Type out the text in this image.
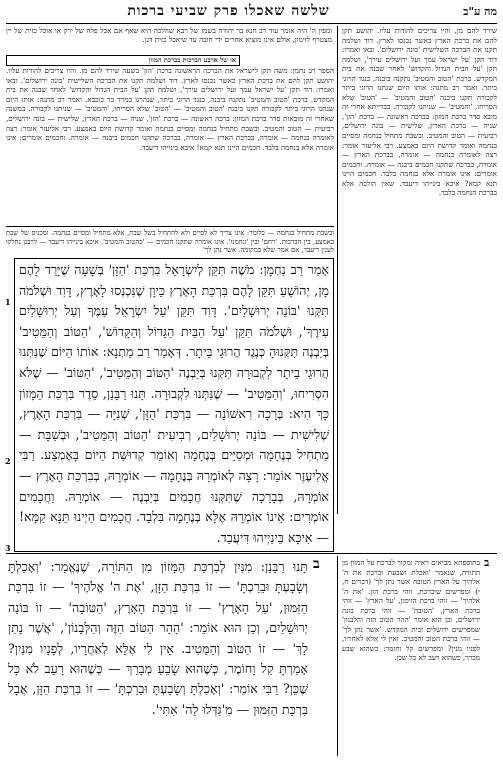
שלשה שאכלו פרק שביעי ברכות	מה ע"ב
ומפין ה' היה אומר עוד רב חנא בר יהודה בשמו של רבא שהלכה היא שאף אם אכל פלח של ירק או אוכל כזית של יין מצטרף לזימון, אולם אינו מוציא אחרים ידי חובה עד שיאכל כזית דגן.
או של ארבע הברכות בברכת המזון
הספר רב נחמן: משה תקן לישראל את הברכה הראשונה ברכת 'הזן' בשעה שירד להם מן. והיו צריכים להודות עליו. יהושע תקן להם את ברכת הארץ כאשר נכנסו לארץ. דוד ושלמה תקנו את הברכה השלישית 'בונה ירושלים'. ובאו ואמרו: דוד תקן 'על ישראל עמך ועל ירושלים עירך', ושלמה תקן 'על הבית הגדול והקדוש' לאחר שבנה את בית המקדש. ברכת 'הטוב והמטיב' נתקנה ביבנה, כנגד הרוגי ביתר, שנהרגו במרד בר כוכבא. ואמר רב מתנה: אותו היום שנתנו הרוגי ביתר לקבורה תקנו ביבנה 'הטוב והמטיב' — 'הטוב' שלא הסריחו, 'והמטיב' — שניתנו לקבורה. במשנה שאחרי זה מובאות סדר ברכת המזון: ברכה ראשונה — ברכת 'הזן', שניה — ברכת הארץ, שלישית — בונה ירושלים, רביעית — הטוב והמטיב. ובשבת מתחיל בנחמה ומסיים בנחמה ואומר קדושת היום באמצע. רבי אליעזר אומר: רצה לאומרה בנחמה — אומרה, בברכת הארץ — אומרה, בברכה שתקנו חכמים ביבנה — אומרה. וחכמים אומרים: אינו אומרה אלא בנחמה בלבד. חכמים היינו תנא קמא! איכא בינייהו דיעבד.
שירד להם מן, והיו צריכים להודות עליו. יהושע תקן להם את ברכת הארץ כאשר נכנסו לארץ. דוד ושלמה תקנו את הברכה השלישית 'בונה ירושלים'. ובאו ואמרו: דוד תקן 'על ישראל עמך ועל ירושלים עירך', ושלמה תקן 'על הבית הגדול והקדוש' לאחר שבנה את בית המקדש. ברכת 'הטוב והמטיב' נתקנה ביבנה, כנגד הרוגי ביתר. ואמר רב מתנה: אותו היום שנתנו הרוגי ביתר לקבורה תקנו ביבנה 'הטוב והמטיב' — 'הטוב' שלא הסריחו, 'והמטיב' — שניתנו לקבורה. בברייתא אחרי זה מובא סדר ברכת המזון: בברכה ראשונה — ברכת 'הזן', שניה — ברכת הארץ, שלישית — בונה ירושלים, רביעית — הטוב והמטיב. ובשבת מתחיל בנחמה ומסיים בנחמה ואומר קדושת היום באמצע. רבי אליעזר אומר: רצה לאומרה בנחמה — אומרה, בברכת הארץ — אומרה, בברכה שתקנו חכמים ביבנה — אומרה. וחכמים אומרים: אינו אומרה אלא בנחמה בלבד. חכמים היינו תנא קמא? איכא בינייהו דיעבד. שאין הולכה אלא בברכת הנחמה בלבד.
ובשבת מתחיל בנחמה — כלומר: אינו צריך לא לסיים ולא להתחיל בשל שבת, אלא מתחיל ומסיים בנחמה. ומכניס של שבת באמצע, בין הברכות. 'רחם' ובין 'ונחמנו'. אינו אומרה שתקנו חכמים — 'כהטוב והמטיב'. איכא בינייהו דיעבד — לרבנן נחלקו לענין דיעבד, אם אמר שלא במקומה. אשר נתן לך'
אָמַר רַב נַחְמָן: מֹשֶׁה תִּקֵּן לְיִשְׂרָאֵל בִּרְכַּת 'הַזָּן' בְּשָׁעָה שֶׁיָּרַד לָהֶם מָן, יְהוֹשֻׁעַ תִּקֵּן לָהֶם בִּרְכַּת הָאָרֶץ כֵּיוָן שֶׁנִּכְנְסוּ לָאָרֶץ, דָּוִד וּשְׁלֹמֹה תִּקְּנוּ 'בּוֹנֵה יְרוּשָׁלַיִם'. דָּוִד תִּקֵּן 'עַל יִשְׂרָאֵל עַמֶּךָ וְעַל יְרוּשָׁלַיִם עִירֶךָ', וּשְׁלֹמֹה תִּקֵּן 'עַל הַבַּיִת הַגָּדוֹל וְהַקָּדוֹשׁ', 'הַטּוֹב וְהַמֵּטִיב' בְּיַבְנֶה תִּקְּנוּהָ כְּנֶגֶד הֲרוּגֵי בֵּיתָר. דְּאָמַר רַב מַתְנָא: אוֹתוֹ הַיּוֹם שֶׁנִּתְּנוּ הֲרוּגֵי בֵיתָר לִקְבוּרָה תִּקְּנוּ בְּיַבְנֶה 'הַטּוֹב וְהַמֵּטִיב', 'הַטּוֹב' — שֶׁלֹּא הִסְרִיחוּ, 'וְהַמֵּטִיב' — שֶׁנִּתְּנוּ לִקְבוּרָה. תָּנוּ רַבָּנַן, סֵדֶר בִּרְכַּת הַמָּזוֹן כָּךְ הִיא: בְּרָכָה רִאשׁוֹנָה — בִּרְכַּת 'הַזָּן', שְׁנִיָּה — בִּרְכַּת הָאָרֶץ, שְׁלִישִׁית — בּוֹנֵה יְרוּשָׁלַיִם, רְבִיעִית 'הַטּוֹב וְהַמֵּטִיב', וּבְשַׁבָּת — מַתְחִיל בְּנֶחָמָה וּמְסַיֵּים בְּנֶחָמָה וְאוֹמֵר קְדוּשַּׁת הַיּוֹם בָּאֶמְצַע. רַבִּי אֱלִיעֶזֶר אוֹמֵר: רָצָה לְאוֹמְרָהּ בְּנֶחָמָה — אוֹמְרָהּ, בְּבִרְכַּת הָאָרֶץ — אוֹמְרָהּ, בְּבָרָכָה שֶׁתִּקְּנוּ חֲכָמִים בְּיַבְנֶה — אוֹמְרָהּ. וַחֲכָמִים אוֹמְרִים: אֵינוֹ אוֹמְרָהּ אֶלָּא בְּנֶחָמָה בִּלְבָד. חֲכָמִים הַיְינוּ תַּנָּא קַמָּא! — אִיכָּא בֵּינַיְיהוּ דִּיעֲבַד.
1
2
3
ב
תָּנוּ רַבָּנַן: מִנַּיִן לְבִרְכַּת הַמָּזוֹן מִן הַתּוֹרָה, שֶׁנֶּאֱמַר: 'וְאָכַלְתָּ וְשָׂבָעְתָּ וּבֵרַכְתָּ' — זוֹ בִּרְכַּת הַזָּן, 'אֶת ה' אֱלֹהֶיךָ' — זוֹ בִּרְכַּת הַזִּמּוּן, 'עַל הָאָרֶץ' — זוֹ בִּרְכַּת הָאָרֶץ, 'הַטּוֹבָה' — זוֹ בּוֹנֵה יְרוּשָׁלַיִם, וְכֵן הוּא אוֹמֵר: 'הָהָר הַטּוֹב הַזֶּה וְהַלְּבָנוֹן', 'אֲשֶׁר נָתַן לָךְ' — זוֹ הַטּוֹב וְהַמֵּטִיב. אֵין לִי אֶלָּא לְאַחֲרָיו, לְפָנָיו מִנַּיִן? אָמַרְתָּ קַל וָחוֹמֶר, כְּשֶׁהוּא שָׂבֵעַ מְבָרֵךְ — כְּשֶׁהוּא רָעֵב לֹא כָּל שֶׁכֵּן? רַבִּי אוֹמֵר: 'וְאָכַלְתָּ וְשָׂבָעְתָּ וּבֵרַכְתָּ' — זוֹ בִּרְכַּת הַזָּן, אֲבָל בִּרְכַּת הַזִּמּוּן — מִ'גַּדְּלוּ לַה' אִתִּי'.
ב
בתוספתא מביאים ראיה ומקור לברכת על המזון מן התורה, שנאמר 'ואכלת ושבעת וברכת את ה' אלהיך על הארץ הטובה אשר נתן לך' (דברים ח, י) ומפרשים שיברכת, זוהי ברכת הזן. 'את ה' אלהיך' — זוהי ברכת הזימון, 'על הארץ' — זוהי ברכת הארץ, 'הטובה' — זוהי ברכת בונה ירושלים, וכן הוא אומר 'ההר הטוב הזה והלבנון' שמפרשים ירושלים ובית המקדש. 'אשר נתן לך' — זוהי ברכת הטוב והמטיב. ואין לי אלא לאחריו, לפניו מנין? ומפרשים קל וחומר: כשהוא שבע מברך, כשהוא רעב לא כל שכן.
